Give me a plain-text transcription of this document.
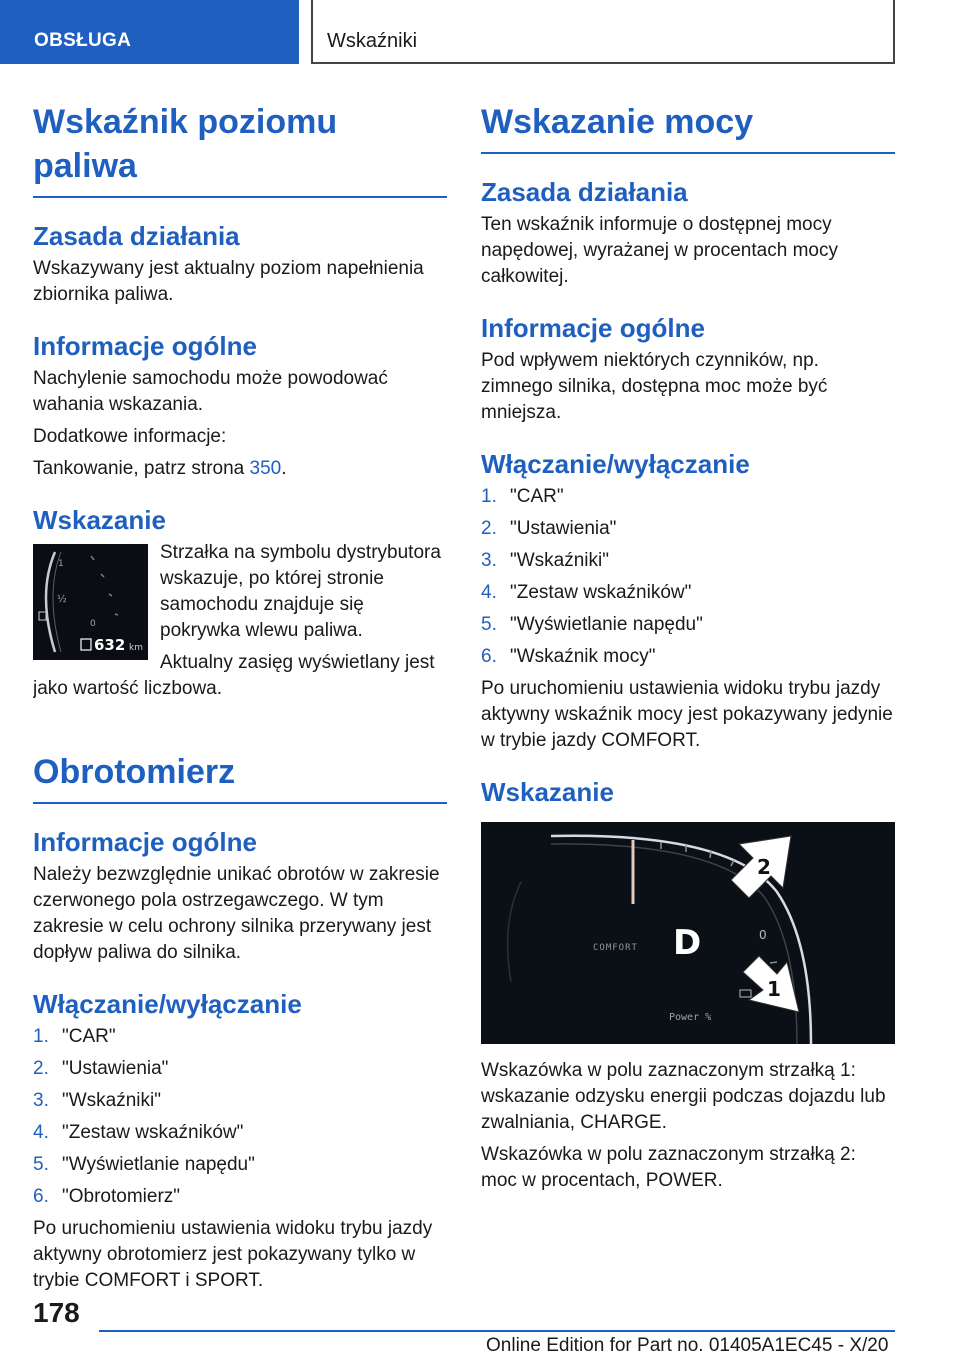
OBSŁUGA	Wskaźniki
Wskaźnik poziomu paliwa
Zasada działania

Wskazywany jest aktualny poziom napełnienia zbiornika paliwa.

Informacje ogólne

Nachylenie samochodu może powodować wahania wskazania.

Dodatkowe informacje:

Tankowanie, patrz strona 350.

Wskazanie
1
½
0
632 km

Strzałka na symbolu dystrybutora wskazuje, po której stronie samochodu znajduje się pokrywka wlewu paliwa.

Aktualny zasięg wyświetlany jest jako wartość liczbowa.

Obrotomierz
Informacje ogólne

Należy bezwzględnie unikać obrotów w zakresie czerwonego pola ostrzegawczego. W tym zakresie w celu ochrony silnika przerywany jest dopływ paliwa do silnika.

Włączanie/wyłączanie
1. "CAR"
2. "Ustawienia"
3. "Wskaźniki"
4. "Zestaw wskaźników"
5. "Wyświetlanie napędu"
6. "Obrotomierz"

Po uruchomieniu ustawienia widoku trybu jazdy aktywny obrotomierz jest pokazywany tylko w trybie COMFORT i SPORT.

Wskazanie mocy
Zasada działania

Ten wskaźnik informuje o dostępnej mocy napędowej, wyrażanej w procentach mocy całkowitej.

Informacje ogólne

Pod wpływem niektórych czynników, np. zimnego silnika, dostępna moc może być mniejsza.

Włączanie/wyłączanie
1. "CAR"
2. "Ustawienia"
3. "Wskaźniki"
4. "Zestaw wskaźników"
5. "Wyświetlanie napędu"
6. "Wskaźnik mocy"

Po uruchomieniu ustawienia widoku trybu jazdy aktywny wskaźnik mocy jest pokazywany jedynie w trybie jazdy COMFORT.

Wskazanie
COMFORT D	0
Power %
2
1

Wskazówka w polu zaznaczonym strzałką 1: wskazanie odzysku energii podczas dojazdu lub zwalniania, CHARGE.

Wskazówka w polu zaznaczonym strzałką 2: moc w procentach, POWER.

178
Online Edition for Part no. 01405A1EC45 - X/20
